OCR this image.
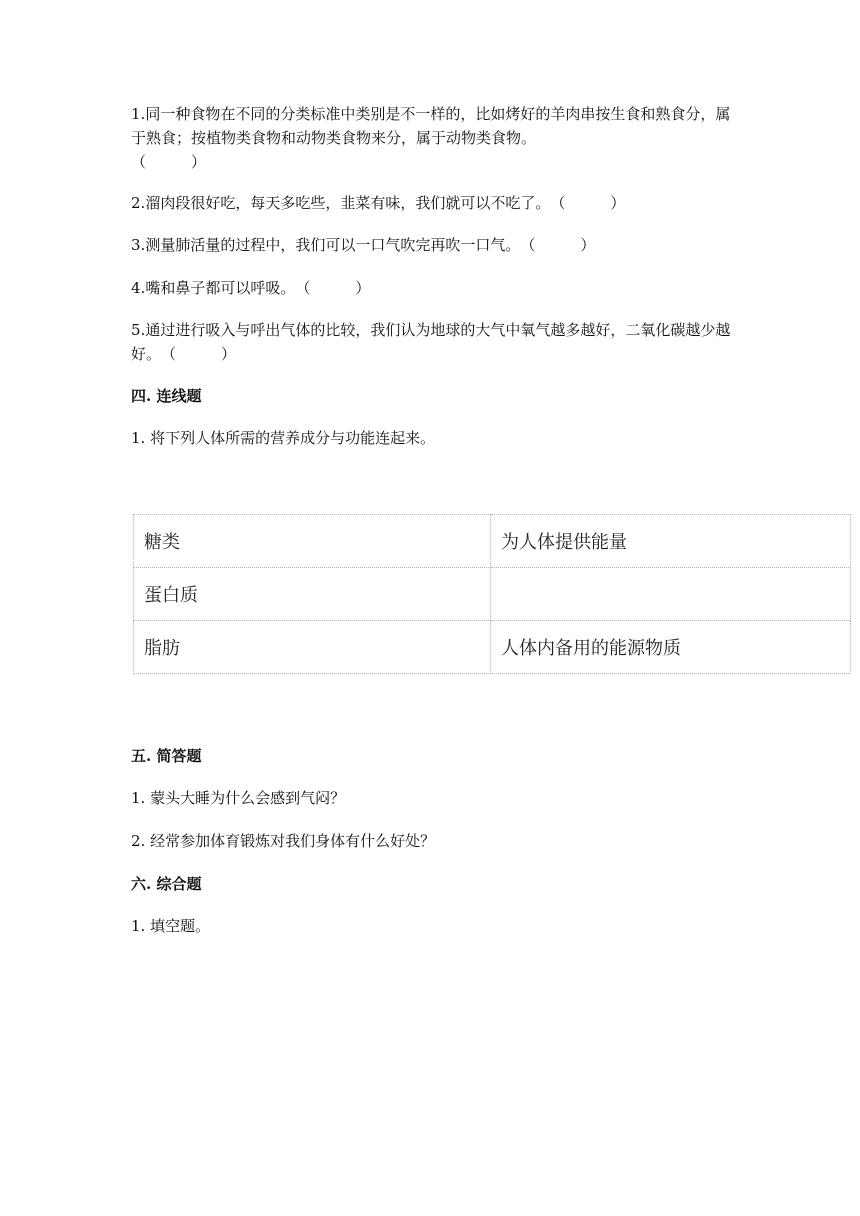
1.同一种食物在不同的分类标准中类别是不一样的，比如烤好的羊肉串按生食和熟食分，属于熟食；按植物类食物和动物类食物来分，属于动物类食物。
（　　　）
2.溜肉段很好吃，每天多吃些，韭菜有味，我们就可以不吃了。（　　　）
3.测量肺活量的过程中，我们可以一口气吹完再吹一口气。（　　　）
4.嘴和鼻子都可以呼吸。（　　　）
5.通过进行吸入与呼出气体的比较，我们认为地球的大气中氧气越多越好，二氧化碳越少越好。（　　　）
四. 连线题
1. 将下列人体所需的营养成分与功能连起来。
糖类	为人体提供能量
蛋白质	
脂肪	人体内备用的能源物质
五. 简答题
1. 蒙头大睡为什么会感到气闷？
2. 经常参加体育锻炼对我们身体有什么好处？
六. 综合题
1. 填空题。
